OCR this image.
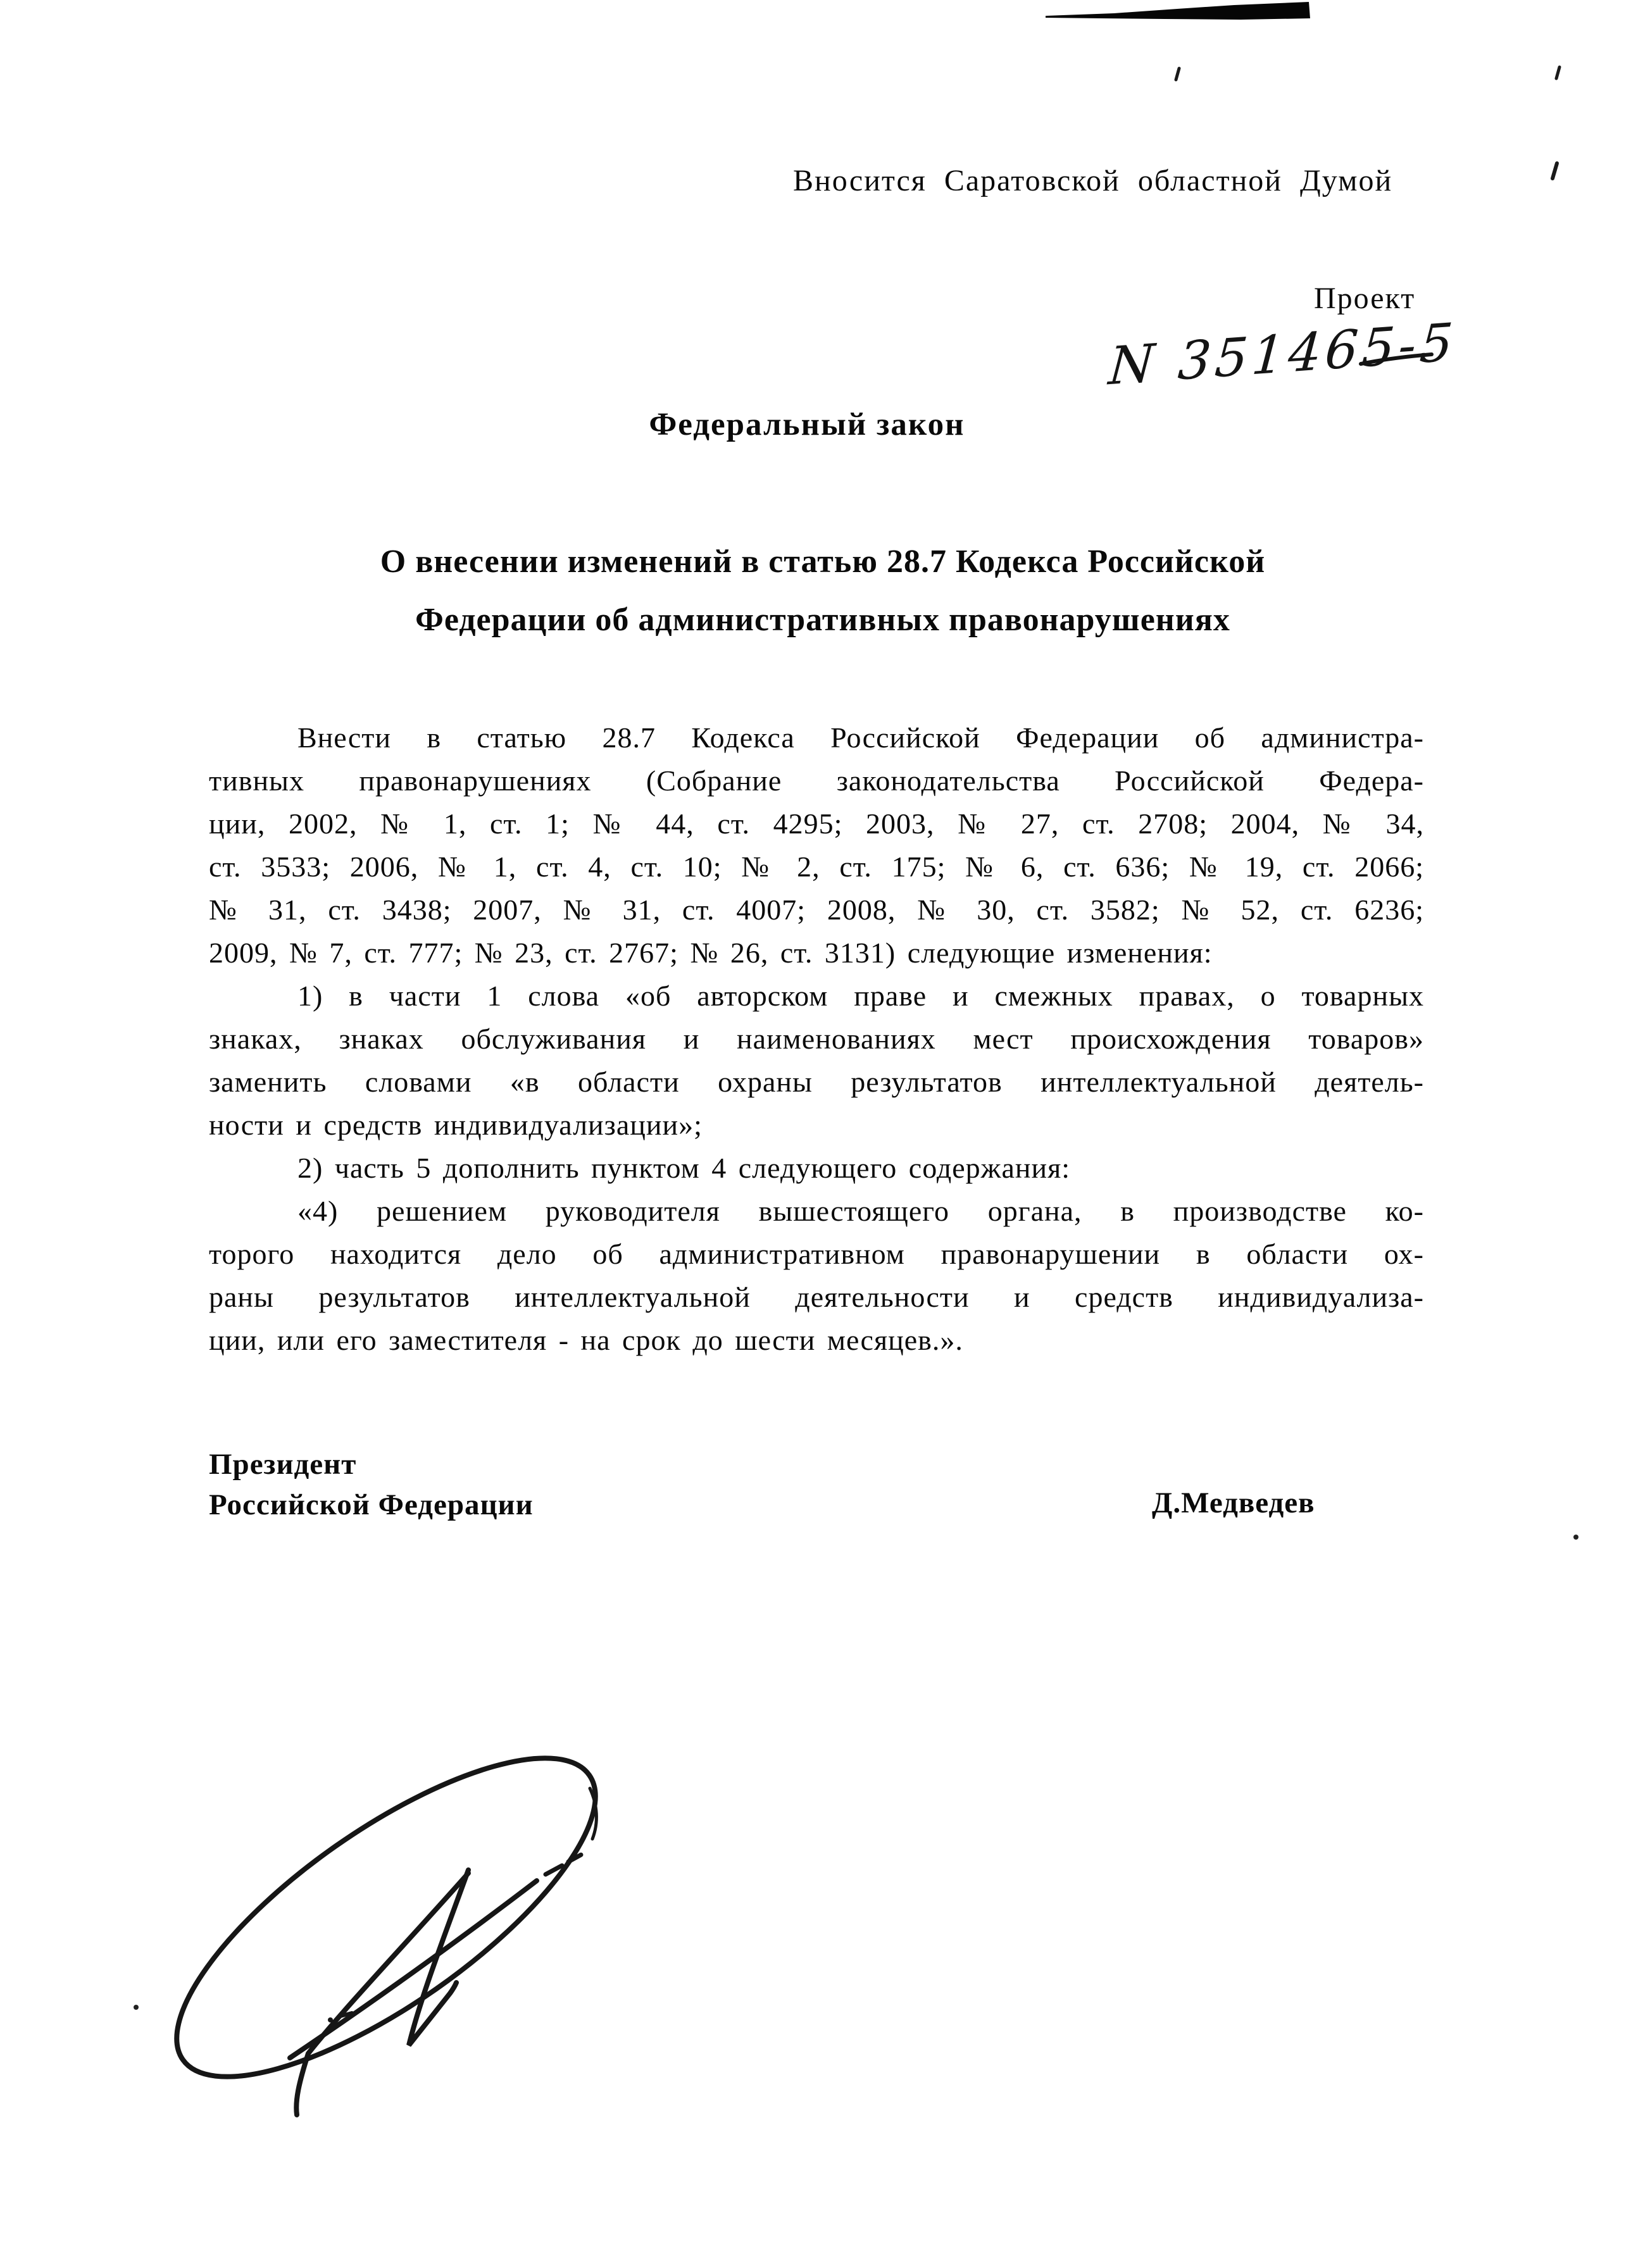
Вносится Саратовской областной Думой
Проект
N 351465-5
Федеральный закон
О внесении изменений в статью 28.7 Кодекса Российской
Федерации об административных правонарушениях
Внести в статью 28.7 Кодекса Российской Федерации об администра-
тивных правонарушениях (Собрание законодательства Российской Федера-
ции, 2002, № 1, ст. 1; № 44, ст. 4295; 2003, № 27, ст. 2708; 2004, № 34,
ст. 3533; 2006, № 1, ст. 4, ст. 10; № 2, ст. 175; № 6, ст. 636; № 19, ст. 2066;
№ 31, ст. 3438; 2007, № 31, ст. 4007; 2008, № 30, ст. 3582; № 52, ст. 6236;
2009, № 7, ст. 777; № 23, ст. 2767; № 26, ст. 3131) следующие изменения:
1) в части 1 слова «об авторском праве и смежных правах, о товарных
знаках, знаках обслуживания и наименованиях мест происхождения товаров»
заменить словами «в области охраны результатов интеллектуальной деятель-
ности и средств индивидуализации»;
2) часть 5 дополнить пунктом 4 следующего содержания:
«4) решением руководителя вышестоящего органа, в производстве ко-
торого находится дело об административном правонарушении в области ох-
раны результатов интеллектуальной деятельности и средств индивидуализа-
ции, или его заместителя - на срок до шести месяцев.».
Президент
Российской Федерации	Д.Медведев
